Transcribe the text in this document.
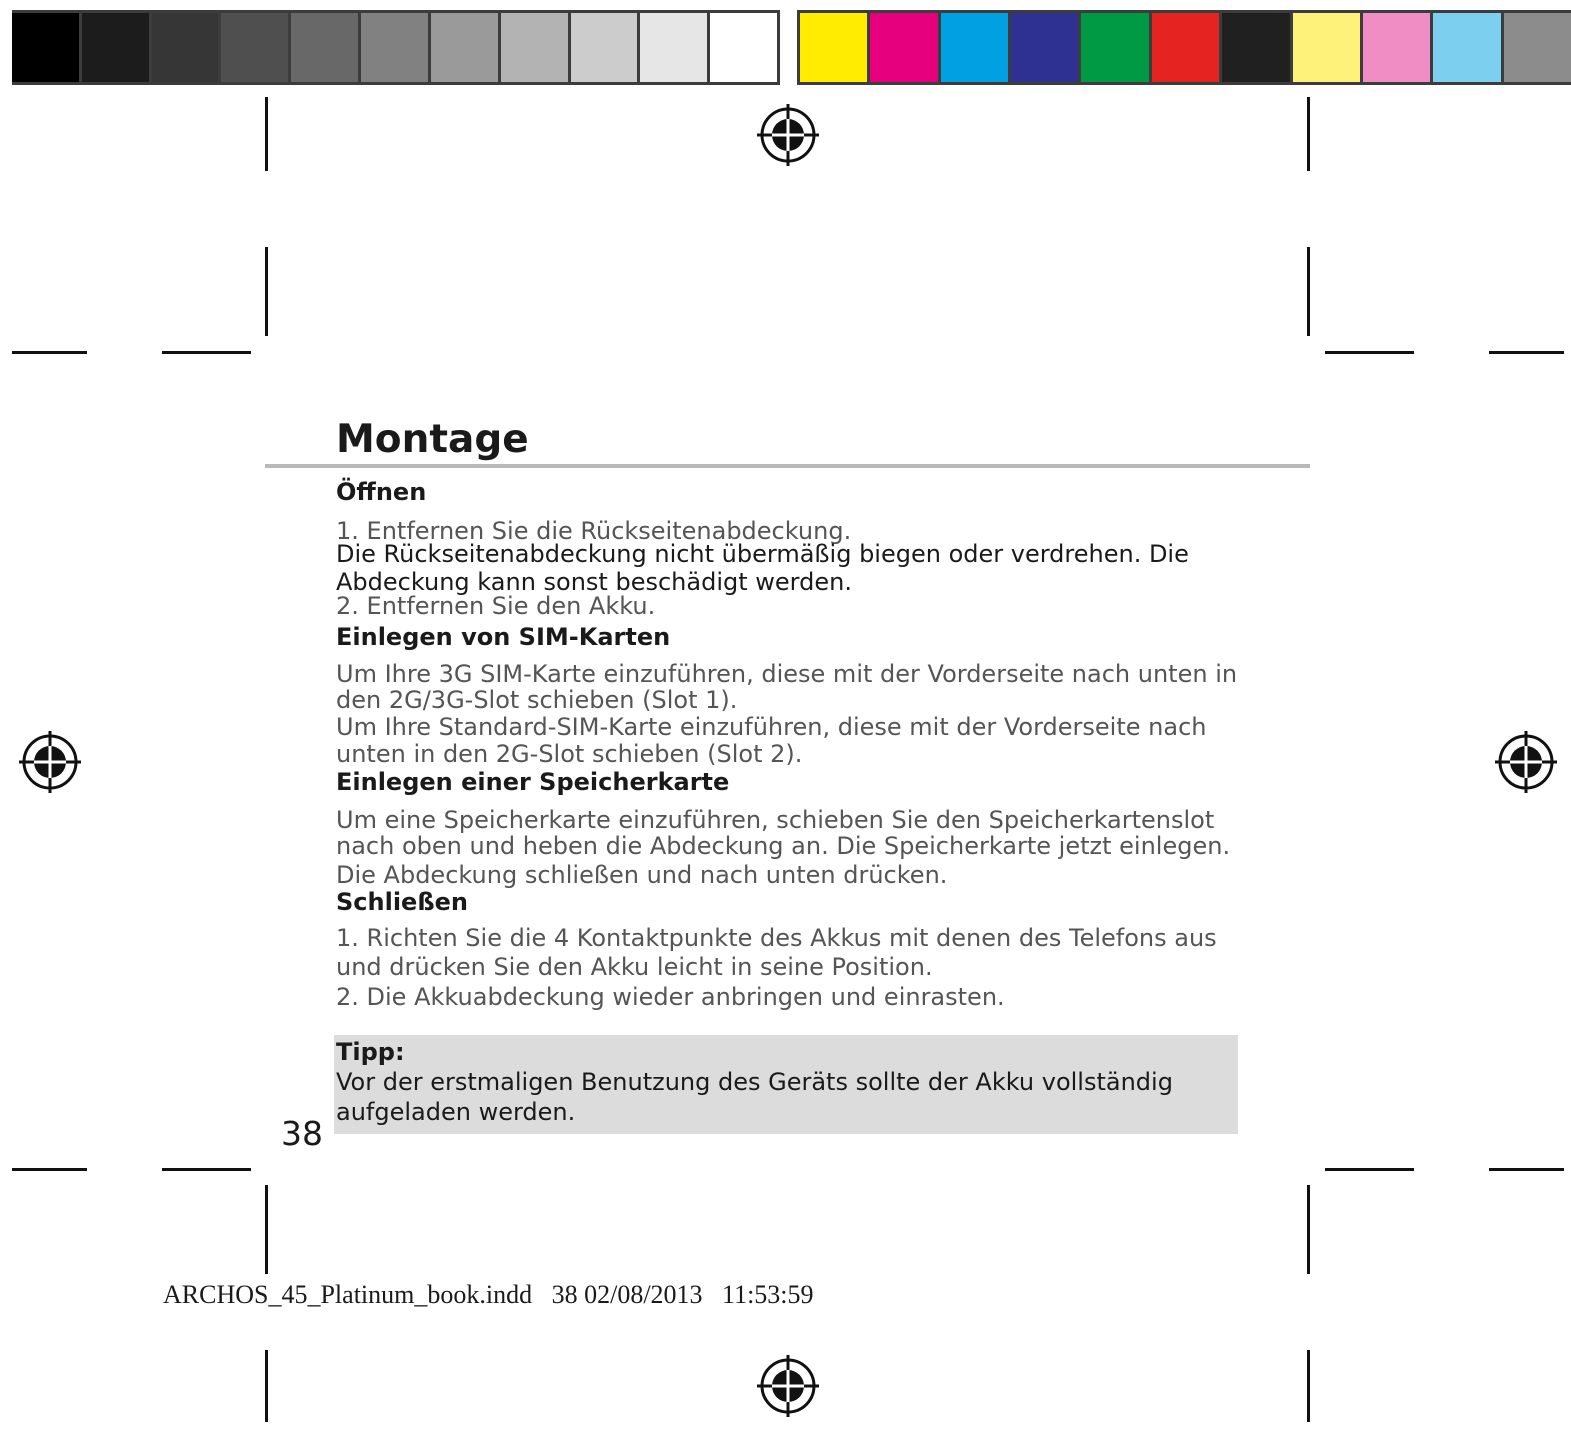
Montage
Öffnen

1. Entfernen Sie die Rückseitenabdeckung.

Die Rückseitenabdeckung nicht übermäßig biegen oder verdrehen. Die

Abdeckung kann sonst beschädigt werden.

2. Entfernen Sie den Akku.

Einlegen von SIM-Karten

Um Ihre 3G SIM-Karte einzuführen, diese mit der Vorderseite nach unten in

den 2G/3G-Slot schieben (Slot 1).

Um Ihre Standard-SIM-Karte einzuführen, diese mit der Vorderseite nach

unten in den 2G-Slot schieben (Slot 2).

Einlegen einer Speicherkarte

Um eine Speicherkarte einzuführen, schieben Sie den Speicherkartenslot

nach oben und heben die Abdeckung an. Die Speicherkarte jetzt einlegen.

Die Abdeckung schließen und nach unten drücken.

Schließen

1. Richten Sie die 4 Kontaktpunkte des Akkus mit denen des Telefons aus

und drücken Sie den Akku leicht in seine Position.

2. Die Akkuabdeckung wieder anbringen und einrasten.

Tipp:

Vor der erstmaligen Benutzung des Geräts sollte der Akku vollständig

aufgeladen werden.

38
ARCHOS_45_Platinum_book.indd 38 02/08/2013 11:53:59
